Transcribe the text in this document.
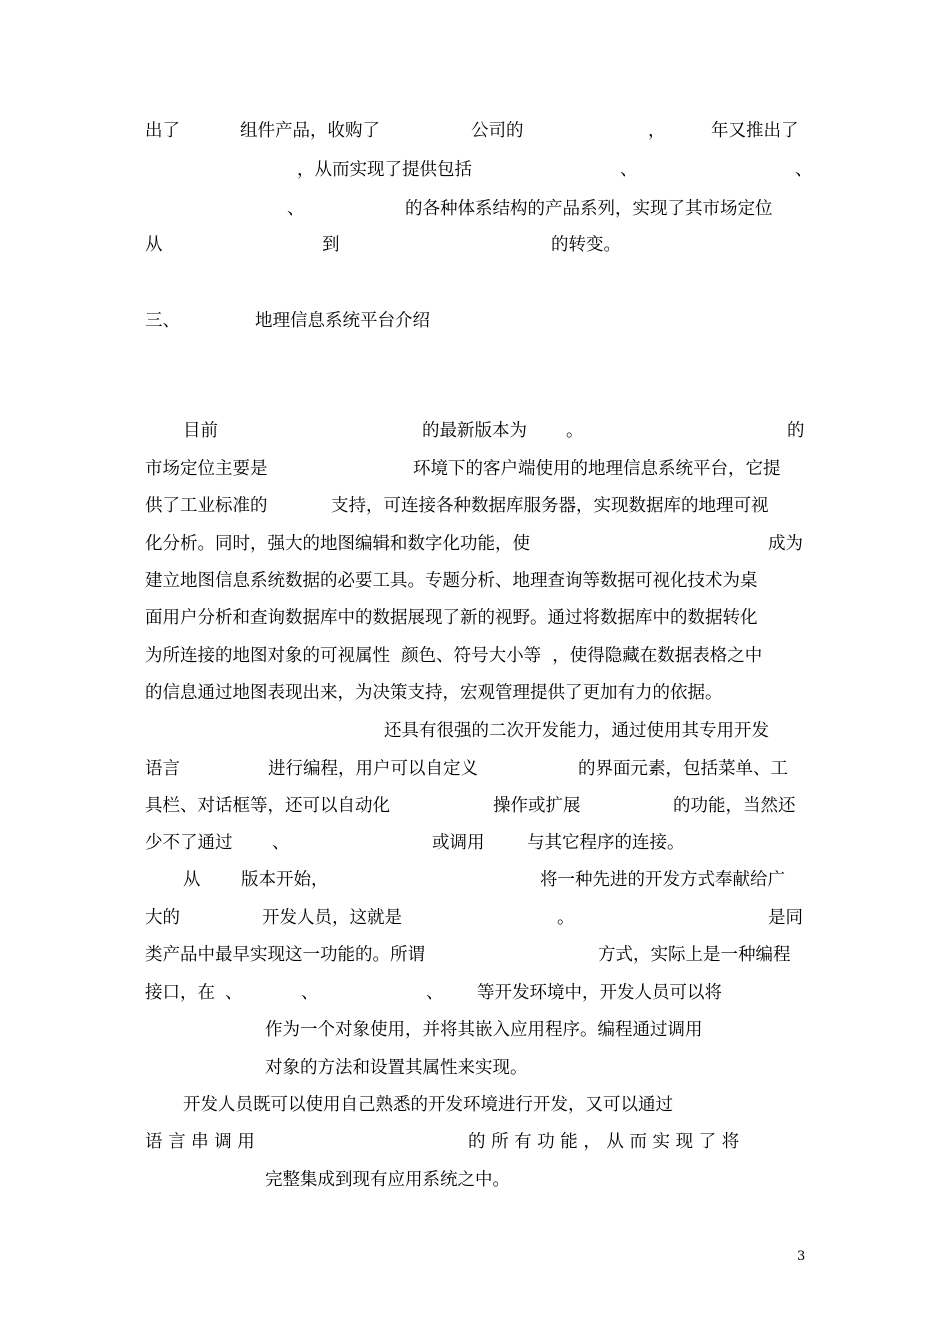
出了	组件产品，收购了	公司的	，	年又推出了
，从而实现了提供包括	、	、
、	的各种体系结构的产品系列，实现了其市场定位
从	到	的转变。
三、	地理信息系统平台介绍
目前	的最新版本为 。	的
市场定位主要是	环境下的客户端使用的地理信息系统平台，它提
供了工业标准的	支持，可连接各种数据库服务器，实现数据库的地理可视
化分析。同时，强大的地图编辑和数字化功能，使	成为
建立地图信息系统数据的必要工具。专题分析、地理查询等数据可视化技术为桌
面用户分析和查询数据库中的数据展现了新的视野。通过将数据库中的数据转化

为所连接的地图对象的可视属性  颜色、符号大小等  ，使得隐藏在数据表格之中

的信息通过地图表现出来，为决策支持，宏观管理提供了更加有力的依据。
还具有很强的二次开发能力，通过使用其专用开发
语言	进行编程，用户可以自定义	的界面元素，包括菜单、工
具栏、对话框等，还可以自动化	操作或扩展	的功能，当然还
少不了通过 、	或调用 与其它程序的连接。
从 版本开始，	将一种先进的开发方式奉献给广
大的	开发人员，这就是	。	是同
类产品中最早实现这一功能的。所谓	方式，实际上是一种编程
接口，在 、	、	、 等开发环境中，开发人员可以将
作为一个对象使用，并将其嵌入应用程序。编程通过调用
对象的方法和设置其属性来实现。
开发人员既可以使用自己熟悉的开发环境进行开发，又可以通过
语 言 串 调 用	的 所 有 功 能 ， 从 而 实 现 了 将
完整集成到现有应用系统之中。
3
